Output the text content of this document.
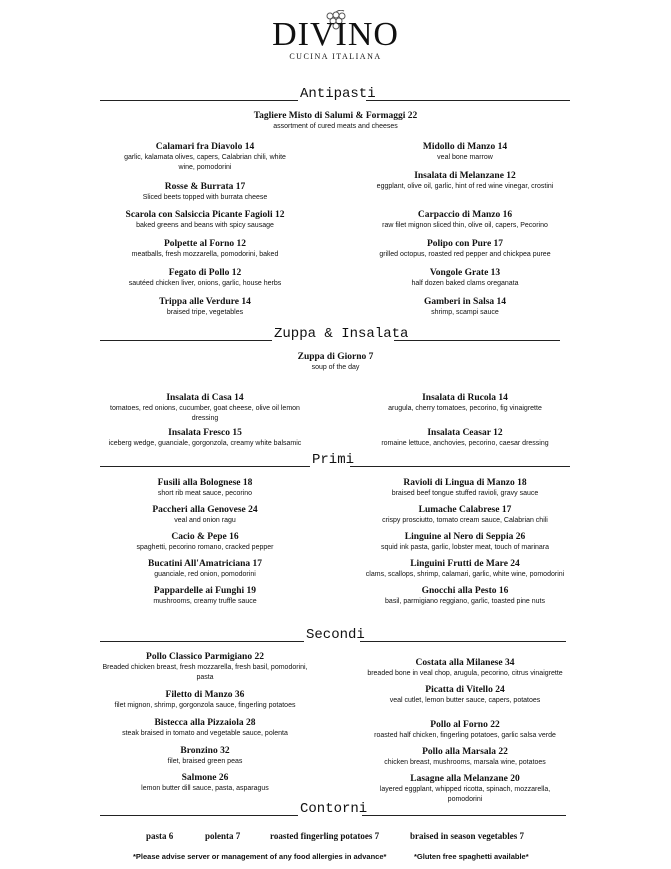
DIVINO
CUCINA ITALIANA
Antipasti
Zuppa & Insalata
Primi
Secondi
Contorni
Tagliere Misto di Salumi & Formaggi 22
assortment of cured meats and cheeses
Calamari fra Diavolo 14
garlic, kalamata olives, capers, Calabrian chili, white wine, pomodorini
Rosse & Burrata 17
Sliced beets topped with burrata cheese
Scarola con Salsiccia Picante Fagioli 12
baked greens and beans with spicy sausage
Polpette al Forno 12
meatballs, fresh mozzarella, pomodorini, baked
Fegato di Pollo 12
sautéed chicken liver, onions, garlic, house herbs
Trippa alle Verdure 14
braised tripe, vegetables
Midollo di Manzo 14
veal bone marrow
Insalata di Melanzane 12
eggplant, olive oil, garlic, hint of red wine vinegar, crostini
Carpaccio di Manzo 16
raw filet mignon sliced thin, olive oil, capers, Pecorino
Polipo con Pure 17
grilled octopus, roasted red pepper and chickpea puree
Vongole Grate 13
half dozen baked clams oreganata
Gamberi in Salsa 14
shrimp, scampi sauce
Zuppa di Giorno 7
soup of the day
Insalata di Casa 14
tomatoes, red onions, cucumber, goat cheese, olive oil lemon dressing
Insalata Fresco 15
iceberg wedge, guanciale, gorgonzola, creamy white balsamic
Insalata di Rucola 14
arugula, cherry tomatoes, pecorino, fig vinaigrette
Insalata Ceasar 12
romaine lettuce, anchovies, pecorino, caesar dressing
Fusili alla Bolognese 18
short rib meat sauce, pecorino
Paccheri alla Genovese 24
veal and onion ragu
Cacio & Pepe 16
spaghetti, pecorino romano, cracked pepper
Bucatini All'Amatriciana 17
guanciale, red onion, pomodorini
Pappardelle ai Funghi 19
mushrooms, creamy truffle sauce
Ravioli di Lingua di Manzo 18
braised beef tongue stuffed ravioli, gravy sauce
Lumache Calabrese 17
crispy prosciutto, tomato cream sauce, Calabrian chili
Linguine al Nero di Seppia 26
squid ink pasta, garlic, lobster meat, touch of marinara
Linguini Frutti de Mare 24
clams, scallops, shrimp, calamari, garlic, white wine, pomodorini
Gnocchi alla Pesto 16
basil, parmigiano reggiano, garlic, toasted pine nuts
Pollo Classico Parmigiano 22
Breaded chicken breast, fresh mozzarella, fresh basil, pomodorini, pasta
Filetto di Manzo 36
filet mignon, shrimp, gorgonzola sauce, fingerling potatoes
Bistecca alla Pizzaiola 28
steak braised in tomato and vegetable sauce, polenta
Bronzino 32
filet, braised green peas
Salmone 26
lemon butter dill sauce, pasta, asparagus
Costata alla Milanese 34
breaded bone in veal chop, arugula, pecorino, citrus vinaigrette
Picatta di Vitello 24
veal cutlet, lemon butter sauce, capers, potatoes
Pollo al Forno 22
roasted half chicken, fingerling potatoes, garlic salsa verde
Pollo alla Marsala 22
chicken breast, mushrooms, marsala wine, potatoes
Lasagne alla Melanzane 20
layered eggplant, whipped ricotta, spinach, mozzarella, pomodorini
pasta 6	polenta 7	roasted fingerling potatoes 7	braised in season vegetables 7
*Please advise server or management of any food allergies in advance*	*Gluten free spaghetti available*
